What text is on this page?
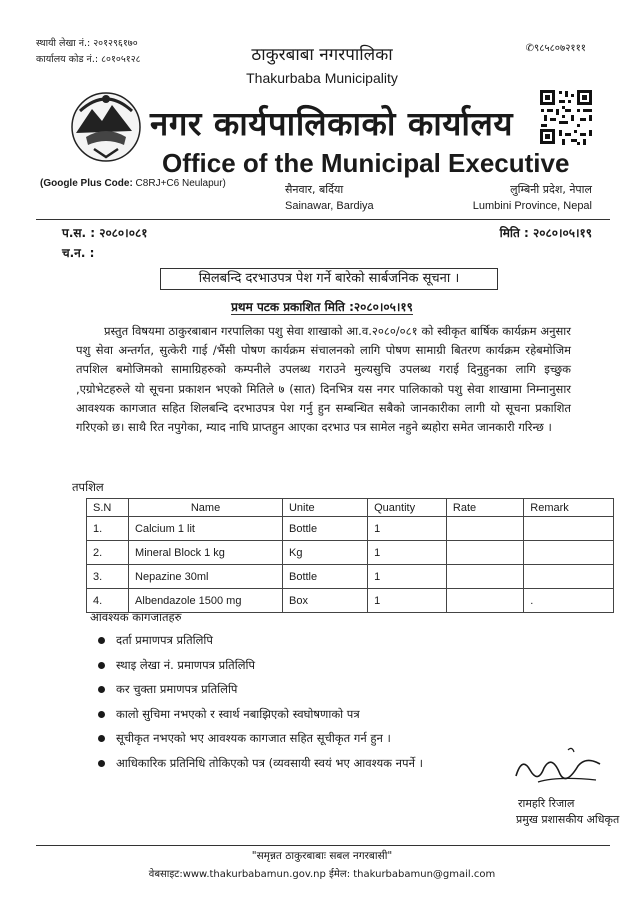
स्थायी लेखा नं.: २०१२९६१७०
कार्यालय कोड नं.: ८०१०५१२८
✆९८५८०७२१११
ठाकुरबाबा नगरपालिका
Thakurbaba Municipality
नगर कार्यपालिकाको कार्यालय
Office of the Municipal Executive
(Google Plus Code: C8RJ+C6 Neulapur)	सैनवार, बर्दिया
Sainawar, Bardiya
लुम्बिनी प्रदेश, नेपाल
Lumbini Province, Nepal
प.स. : २०८०।०८१
च.न. :
मिति : २०८०।०५।१९
सिलबन्दि दरभाउपत्र पेश गर्ने बारेको सार्बजनिक सूचना ।
प्रथम पटक प्रकाशित मिति :२०८०।०५।१९
प्रस्तुत विषयमा ठाकुरबाबान गरपालिका पशु सेवा शाखाको आ.व.२०८०/०८१ को स्वीकृत बार्षिक कार्यक्रम अनुसार पशु सेवा अन्तर्गत, सुत्केरी गाई /भैंसी पोषण कार्यक्रम संचालनको लागि पोषण सामाग्री बितरण कार्यक्रम रहेबमोजिम तपशिल बमोजिमको सामाग्रिहरुको कम्पनीले उपलब्ध गराउने मुल्यसुचि उपलब्ध गराई दिनुहुनका लागि इच्छुक ,एग्रोभेटहरुले यो सूचना प्रकाशन भएको मितिले ७ (सात) दिनभित्र यस नगर पालिकाको पशु सेवा शाखामा निम्नानुसार आवश्यक कागजात सहित शिलबन्दि दरभाउपत्र पेश गर्नु हुन सम्बन्धित सबैको जानकारीका लागी यो सूचना प्रकाशित गरिएको छ। साथै रित नपुगेका, म्याद नाघि प्राप्तहुन आएका दरभाउ पत्र सामेल नहुने ब्यहोरा समेत जानकारी गरिन्छ ।
तपशिल
S.N	Name	Unite	Quantity	Rate	Remark
1.	Calcium 1 lit	Bottle	1		
2.	Mineral Block 1 kg	Kg	1		
3.	Nepazine 30ml	Bottle	1		
4.	Albendazole 1500 mg	Box	1		.
आवश्यक कागजातहरु
दर्ता प्रमाणपत्र प्रतिलिपि
स्थाइ लेखा नं. प्रमाणपत्र प्रतिलिपि
कर चुक्ता प्रमाणपत्र प्रतिलिपि
कालो सुचिमा नभएको र स्वार्थ नबाझिएको स्वघोषणाको पत्र
सूचीकृत नभएको भए आवश्यक कागजात सहित सूचीकृत गर्न हुन ।
आधिकारिक प्रतिनिधि तोकिएको पत्र (व्यवसायी स्वयं भए आवश्यक नपर्ने ।
रामहरि रिजाल
प्रमुख प्रशासकीय अधिकृत
"समृन्नत ठाकुरबाबाः सबल नगरबासी"
वेबसाइट:www.thakurbabamun.gov.np ईमेल: thakurbabamun@gmail.com
